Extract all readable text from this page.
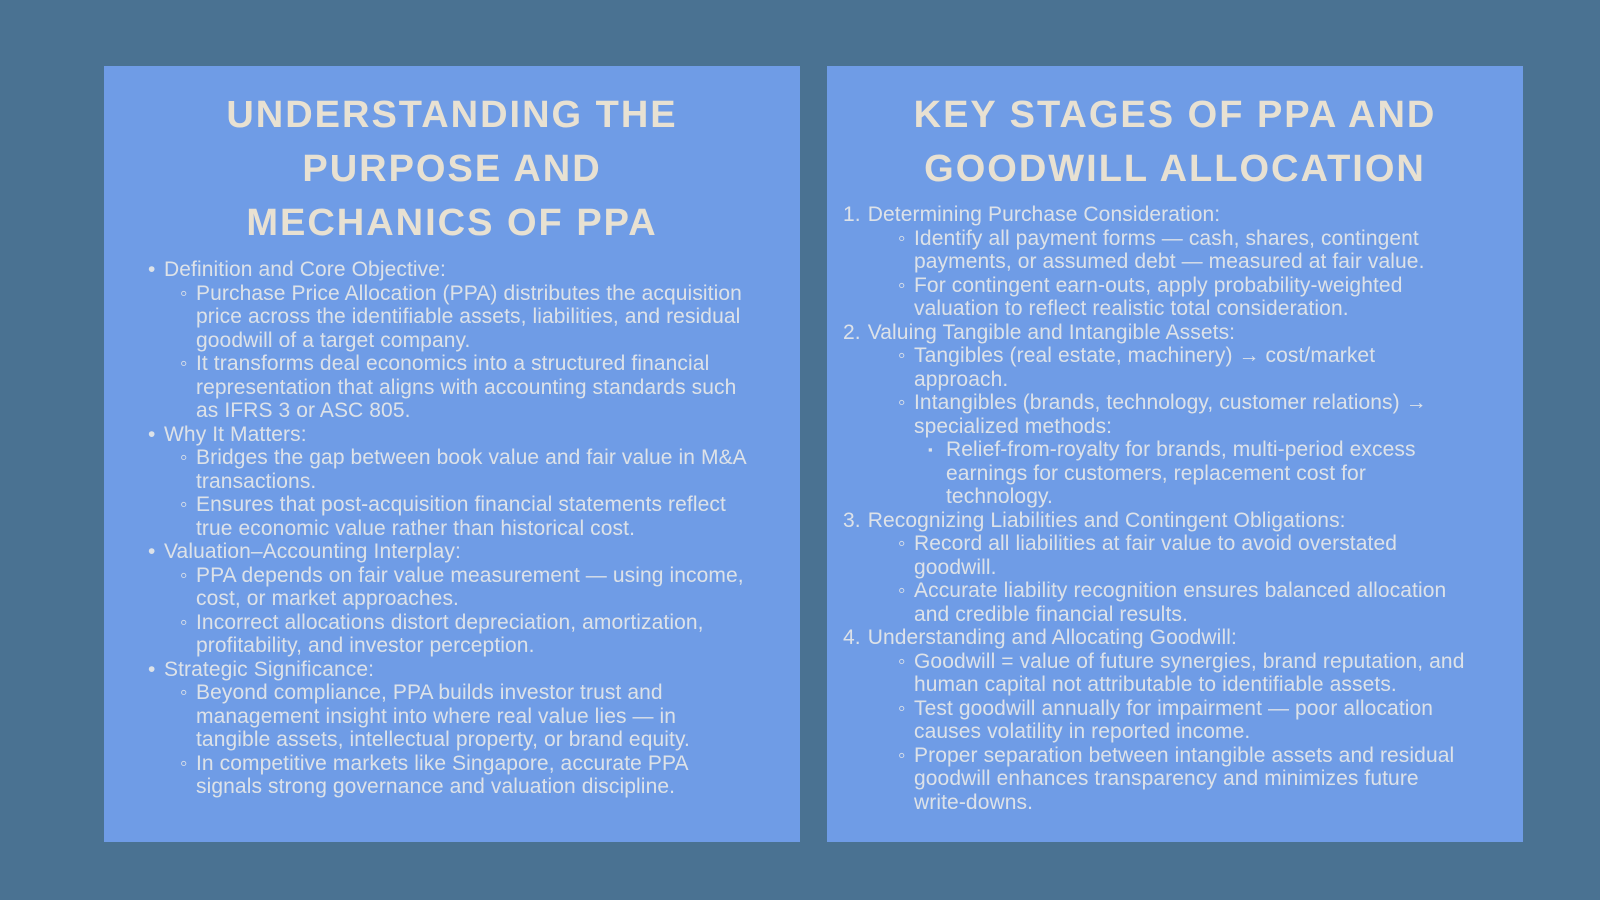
UNDERSTANDING THE
PURPOSE AND
MECHANICS OF PPA
•
Definition and Core Objective:
◦
Purchase Price Allocation (PPA) distributes the acquisition price across the identifiable assets, liabilities, and residual goodwill of a target company.
◦
It transforms deal economics into a structured financial representation that aligns with accounting standards such as IFRS 3 or ASC 805.
•
Why It Matters:
◦
Bridges the gap between book value and fair value in M&A transactions.
◦
Ensures that post-acquisition financial statements reflect true economic value rather than historical cost.
•
Valuation–Accounting Interplay:
◦
PPA depends on fair value measurement — using income, cost, or market approaches.
◦
Incorrect allocations distort depreciation, amortization, profitability, and investor perception.
•
Strategic Significance:
◦
Beyond compliance, PPA builds investor trust and management insight into where real value lies — in tangible assets, intellectual property, or brand equity.
◦
In competitive markets like Singapore, accurate PPA signals strong governance and valuation discipline.
KEY STAGES OF PPA AND
GOODWILL ALLOCATION
1. Determining Purchase Consideration:
◦
Identify all payment forms — cash, shares, contingent payments, or assumed debt — measured at fair value.
◦
For contingent earn-outs, apply probability-weighted valuation to reflect realistic total consideration.
2. Valuing Tangible and Intangible Assets:
◦
Tangibles (real estate, machinery) → cost/market approach.
◦
Intangibles (brands, technology, customer relations) → specialized methods:
▪
Relief-from-royalty for brands, multi-period excess earnings for customers, replacement cost for technology.
3. Recognizing Liabilities and Contingent Obligations:
◦
Record all liabilities at fair value to avoid overstated goodwill.
◦
Accurate liability recognition ensures balanced allocation and credible financial results.
4. Understanding and Allocating Goodwill:
◦
Goodwill = value of future synergies, brand reputation, and human capital not attributable to identifiable assets.
◦
Test goodwill annually for impairment — poor allocation causes volatility in reported income.
◦
Proper separation between intangible assets and residual goodwill enhances transparency and minimizes future write-downs.
